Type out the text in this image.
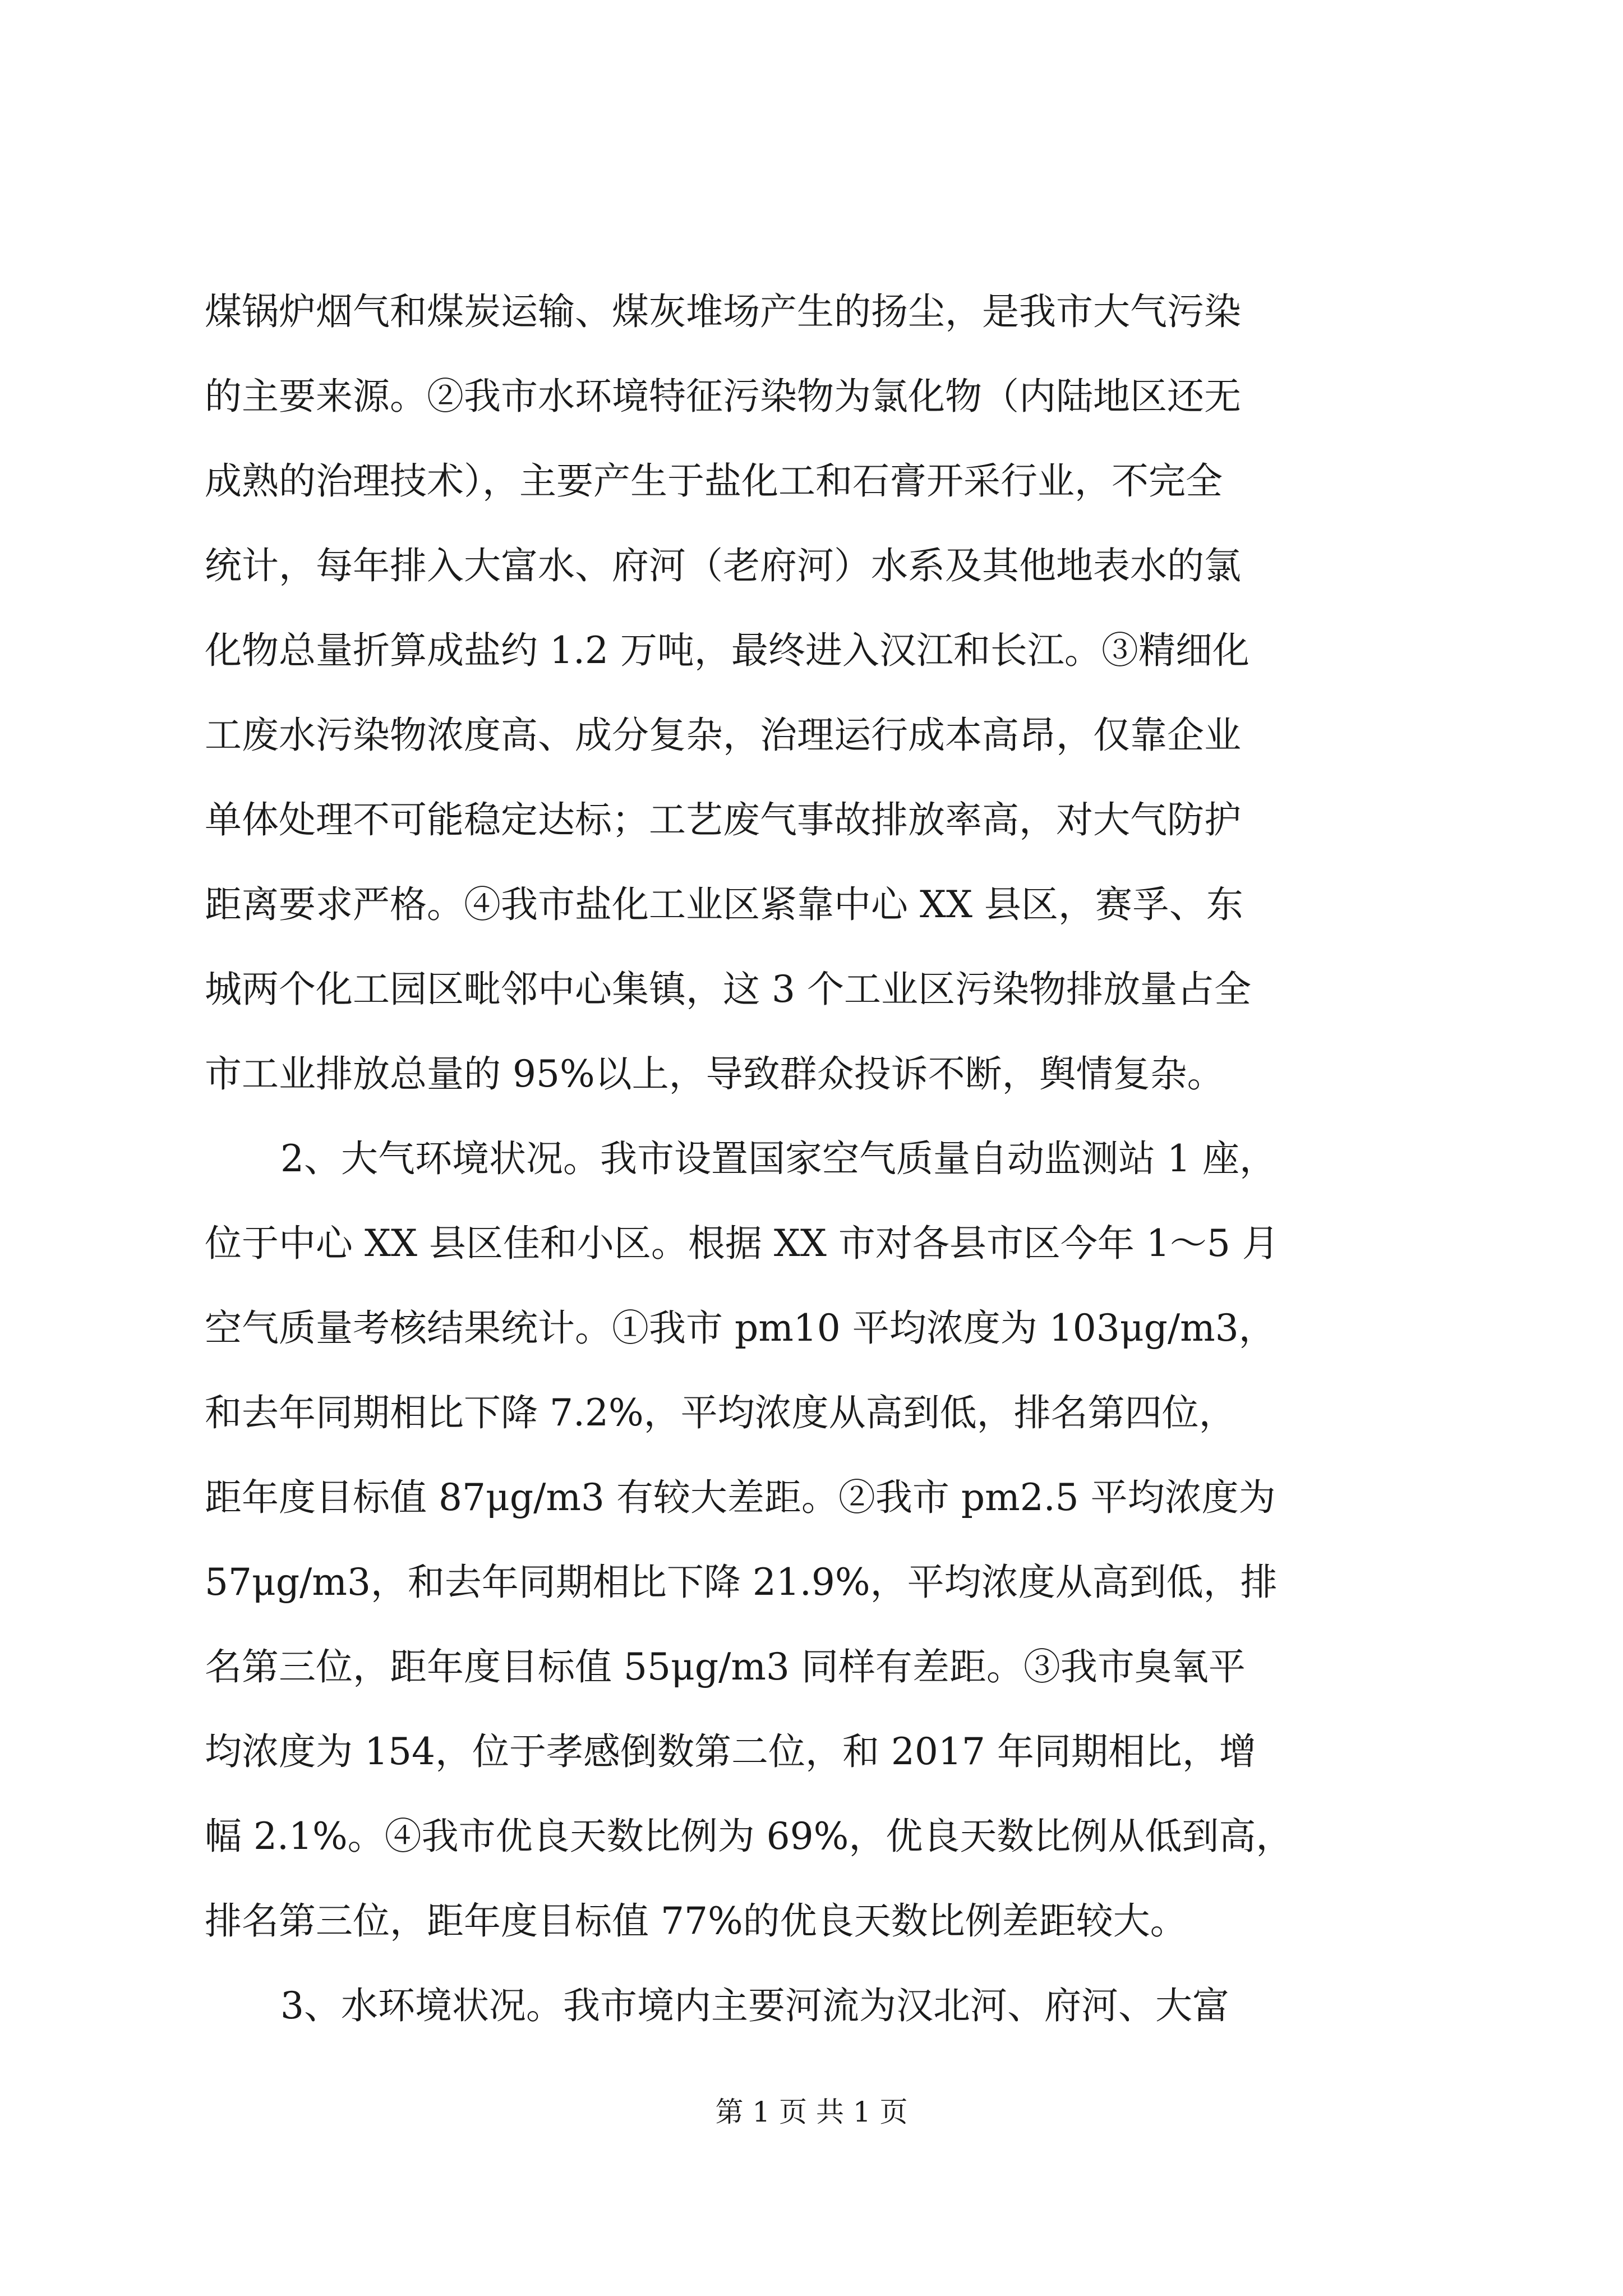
煤锅炉烟气和煤炭运输、煤灰堆场产生的扬尘，是我市大气污染
的主要来源。②我市水环境特征污染物为氯化物（内陆地区还无
成熟的治理技术），主要产生于盐化工和石膏开采行业，不完全
统计，每年排入大富水、府河（老府河）水系及其他地表水的氯
化物总量折算成盐约 1.2 万吨，最终进入汉江和长江。③精细化
工废水污染物浓度高、成分复杂，治理运行成本高昂，仅靠企业
单体处理不可能稳定达标；工艺废气事故排放率高，对大气防护
距离要求严格。④我市盐化工业区紧靠中心 XX 县区，赛孚、东
城两个化工园区毗邻中心集镇，这 3 个工业区污染物排放量占全
市工业排放总量的 95%以上，导致群众投诉不断，舆情复杂。
2、大气环境状况。我市设置国家空气质量自动监测站 1 座，
位于中心 XX 县区佳和小区。根据 XX 市对各县市区今年 1～5 月
空气质量考核结果统计。①我市 pm10 平均浓度为 103μg/m3，
和去年同期相比下降 7.2%，平均浓度从高到低，排名第四位，
距年度目标值 87μg/m3 有较大差距。②我市 pm2.5 平均浓度为
57μg/m3，和去年同期相比下降 21.9%，平均浓度从高到低，排
名第三位，距年度目标值 55μg/m3 同样有差距。③我市臭氧平
均浓度为 154，位于孝感倒数第二位，和 2017 年同期相比，增
幅 2.1%。④我市优良天数比例为 69%，优良天数比例从低到高，
排名第三位，距年度目标值 77%的优良天数比例差距较大。
3、水环境状况。我市境内主要河流为汉北河、府河、大富
第 1 页 共 1 页
